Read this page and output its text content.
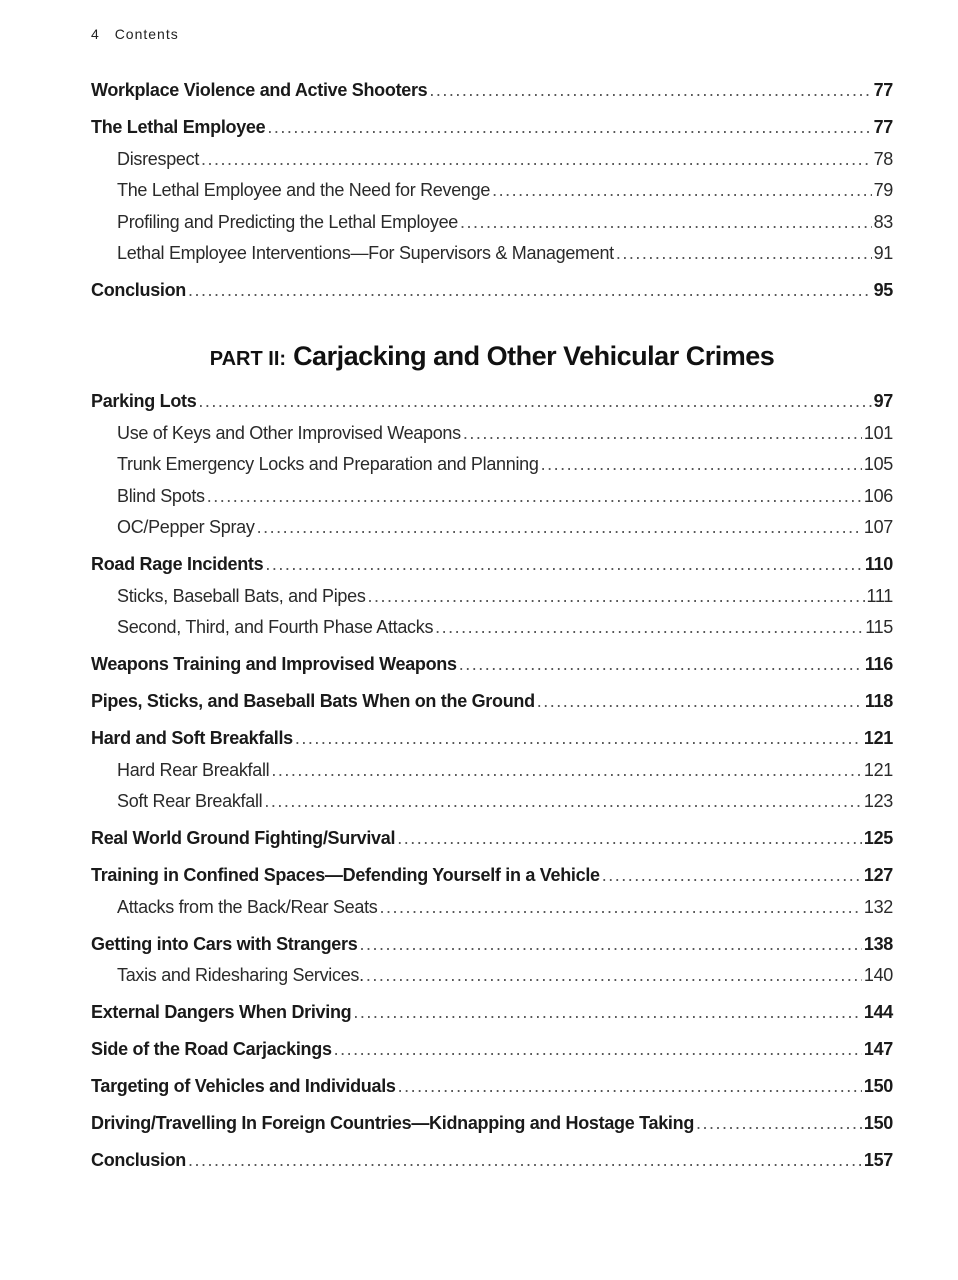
4 Contents
Workplace Violence and Active Shooters .....	77
The Lethal Employee .....	77
Disrespect .....	78
The Lethal Employee and the Need for Revenge .....	79
Profiling and Predicting the Lethal Employee .....	83
Lethal Employee Interventions—For Supervisors & Management .....	91
Conclusion .....	95
PART II: Carjacking and Other Vehicular Crimes
Parking Lots .....	97
Use of Keys and Other Improvised Weapons .....	101
Trunk Emergency Locks and Preparation and Planning .....	105
Blind Spots .....	106
OC/Pepper Spray .....	107
Road Rage Incidents .....	110
Sticks, Baseball Bats, and Pipes .....	111
Second, Third, and Fourth Phase Attacks .....	115
Weapons Training and Improvised Weapons .....	116
Pipes, Sticks, and Baseball Bats When on the Ground .....	118
Hard and Soft Breakfalls .....	121
Hard Rear Breakfall .....	121
Soft Rear Breakfall .....	123
Real World Ground Fighting/Survival .....	125
Training in Confined Spaces—Defending Yourself in a Vehicle .....	127
Attacks from the Back/Rear Seats .....	132
Getting into Cars with Strangers .....	138
Taxis and Ridesharing Services. .....	140
External Dangers When Driving .....	144
Side of the Road Carjackings .....	147
Targeting of Vehicles and Individuals .....	150
Driving/Travelling In Foreign Countries—Kidnapping and Hostage Taking .....	150
Conclusion .....	157
